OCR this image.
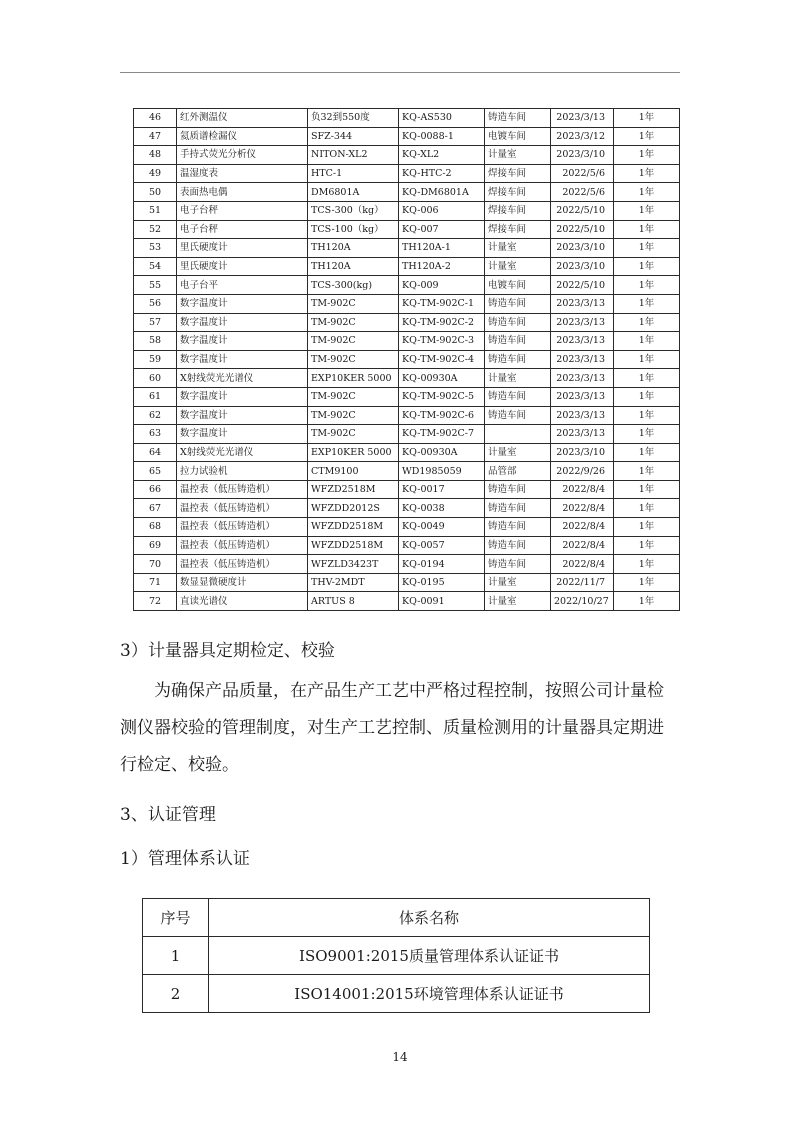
46	红外测温仪	负32到550度	KQ-AS530	铸造车间	2023/3/13	1年
47	氦质谱检漏仪	SFZ-344	KQ-0088-1	电镀车间	2023/3/12	1年
48	手持式荧光分析仪	NITON-XL2	KQ-XL2	计量室	2023/3/10	1年
49	温湿度表	HTC-1	KQ-HTC-2	焊接车间	2022/5/6	1年
50	表面热电偶	DM6801A	KQ-DM6801A	焊接车间	2022/5/6	1年
51	电子台秤	TCS-300（kg）	KQ-006	焊接车间	2022/5/10	1年
52	电子台秤	TCS-100（kg）	KQ-007	焊接车间	2022/5/10	1年
53	里氏硬度计	TH120A	TH120A-1	计量室	2023/3/10	1年
54	里氏硬度计	TH120A	TH120A-2	计量室	2023/3/10	1年
55	电子台平	TCS-300(kg)	KQ-009	电镀车间	2022/5/10	1年
56	数字温度计	TM-902C	KQ-TM-902C-1	铸造车间	2023/3/13	1年
57	数字温度计	TM-902C	KQ-TM-902C-2	铸造车间	2023/3/13	1年
58	数字温度计	TM-902C	KQ-TM-902C-3	铸造车间	2023/3/13	1年
59	数字温度计	TM-902C	KQ-TM-902C-4	铸造车间	2023/3/13	1年
60	X射线荧光光谱仪	EXP10KER 5000	KQ-00930A	计量室	2023/3/13	1年
61	数字温度计	TM-902C	KQ-TM-902C-5	铸造车间	2023/3/13	1年
62	数字温度计	TM-902C	KQ-TM-902C-6	铸造车间	2023/3/13	1年
63	数字温度计	TM-902C	KQ-TM-902C-7		2023/3/13	1年
64	X射线荧光光谱仪	EXP10KER 5000	KQ-00930A	计量室	2023/3/10	1年
65	拉力试验机	CTM9100	WD1985059	品管部	2022/9/26	1年
66	温控表（低压铸造机）	WFZD2518M	KQ-0017	铸造车间	2022/8/4	1年
67	温控表（低压铸造机）	WFZDD2012S	KQ-0038	铸造车间	2022/8/4	1年
68	温控表（低压铸造机）	WFZDD2518M	KQ-0049	铸造车间	2022/8/4	1年
69	温控表（低压铸造机）	WFZDD2518M	KQ-0057	铸造车间	2022/8/4	1年
70	温控表（低压铸造机）	WFZLD3423T	KQ-0194	铸造车间	2022/8/4	1年
71	数显显微硬度计	THV-2MDT	KQ-0195	计量室	2022/11/7	1年
72	直读光谱仪	ARTUS 8	KQ-0091	计量室	2022/10/27	1年

3）计量器具定期检定、校验

为确保产品质量，在产品生产工艺中严格过程控制，按照公司计量检测仪器校验的管理制度，对生产工艺控制、质量检测用的计量器具定期进行检定、校验。

3、认证管理

1）管理体系认证

序号	体系名称
1	ISO9001:2015质量管理体系认证证书
2	ISO14001:2015环境管理体系认证证书
14
